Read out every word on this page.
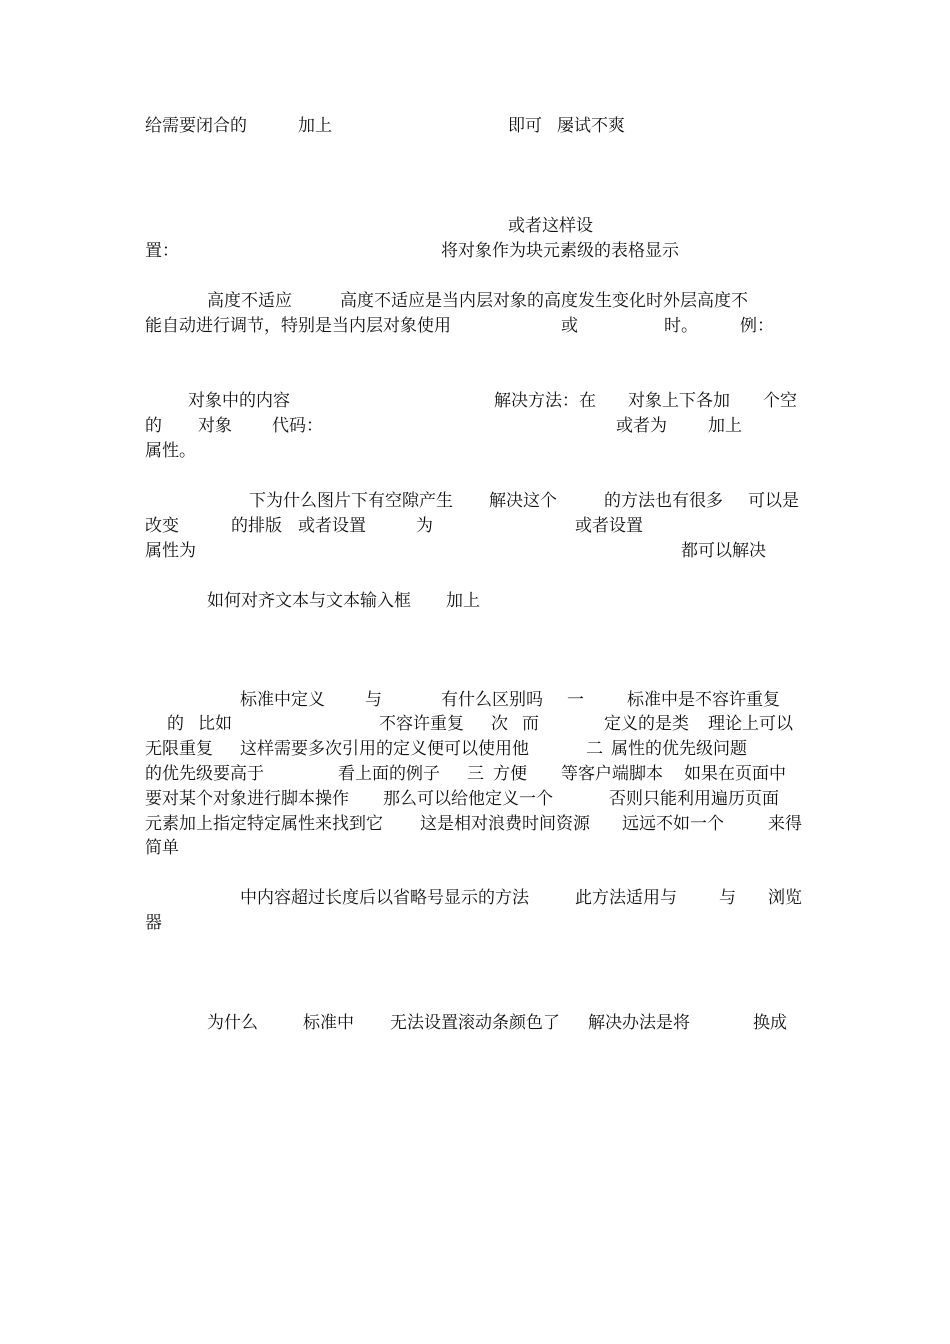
给需要闭合的	加上	即可 屡试不爽
或者这样设
置：	将对象作为块元素级的表格显示
高度不适应	高度不适应是当内层对象的高度发生变化时外层高度不
能自动进行调节，特别是当内层对象使用	或	时。 例：
对象中的内容	解决方法：在 对象上下各加 个空
的 对象 代码：	或者为 加上
属性。
下为什么图片下有空隙产生 解决这个	的方法也有很多 可以是
改变	的排版 或者设置	为	或者设置
属性为	都可以解决
如何对齐文本与文本输入框 加上
标准中定义 与	有什么区别吗 一	标准中是不容许重复
的 比如	不容许重复 次 而	定义的是类 理论上可以
无限重复 这样需要多次引用的定义便可以使用他	二 属性的优先级问题
的优先级要高于	看上面的例子 三 方便 等客户端脚本 如果在页面中
要对某个对象进行脚本操作 那么可以给他定义一个	否则只能利用遍历页面
元素加上指定特定属性来找到它 这是相对浪费时间资源 远远不如一个	来得
简单
中内容超过长度后以省略号显示的方法	此方法适用与 与 浏览
器
为什么	标准中 无法设置滚动条颜色了 解决办法是将	换成
